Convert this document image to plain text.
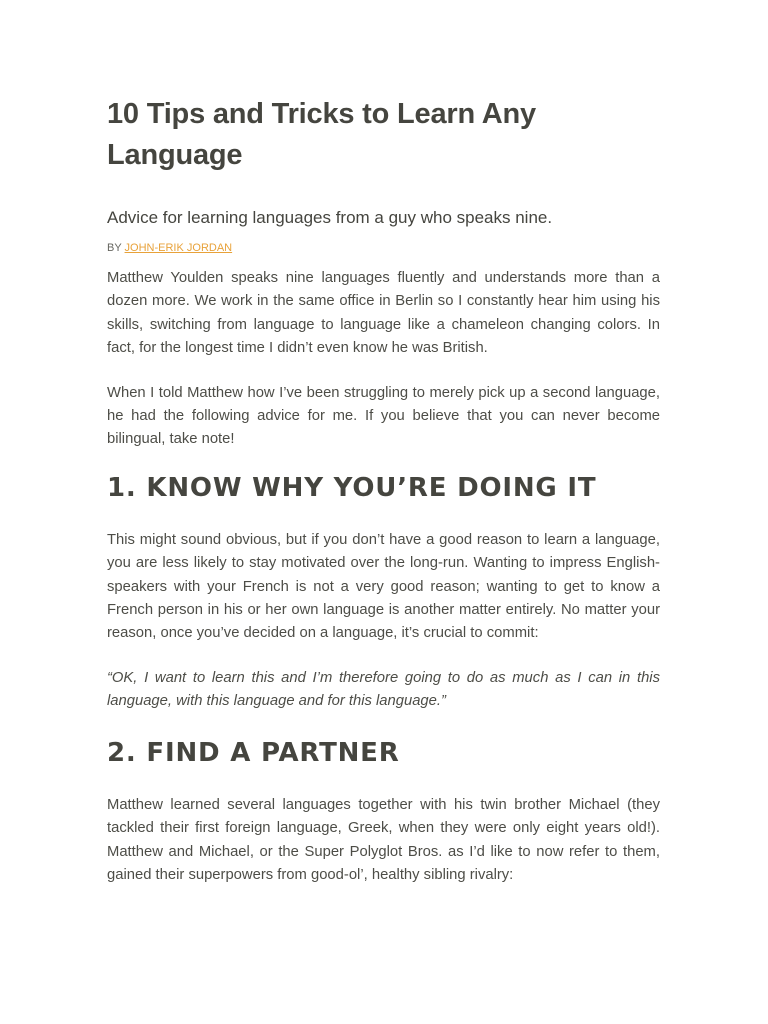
10 Tips and Tricks to Learn Any Language
Advice for learning languages from a guy who speaks nine.
BY JOHN-ERIK JORDAN

Matthew Youlden speaks nine languages fluently and understands more than a dozen more. We work in the same office in Berlin so I constantly hear him using his skills, switching from language to language like a chameleon changing colors. In fact, for the longest time I didn’t even know he was British.

When I told Matthew how I’ve been struggling to merely pick up a second language, he had the following advice for me. If you believe that you can never become bilingual, take note!

1. KNOW WHY YOU’RE DOING IT

This might sound obvious, but if you don’t have a good reason to learn a language, you are less likely to stay motivated over the long-run. Wanting to impress English-speakers with your French is not a very good reason; wanting to get to know a French person in his or her own language is another matter entirely. No matter your reason, once you’ve decided on a language, it’s crucial to commit:

“OK, I want to learn this and I’m therefore going to do as much as I can in this language, with this language and for this language.”

2. FIND A PARTNER

Matthew learned several languages together with his twin brother Michael (they tackled their first foreign language, Greek, when they were only eight years old!). Matthew and Michael, or the Super Polyglot Bros. as I’d like to now refer to them, gained their superpowers from good-ol’, healthy sibling rivalry:
